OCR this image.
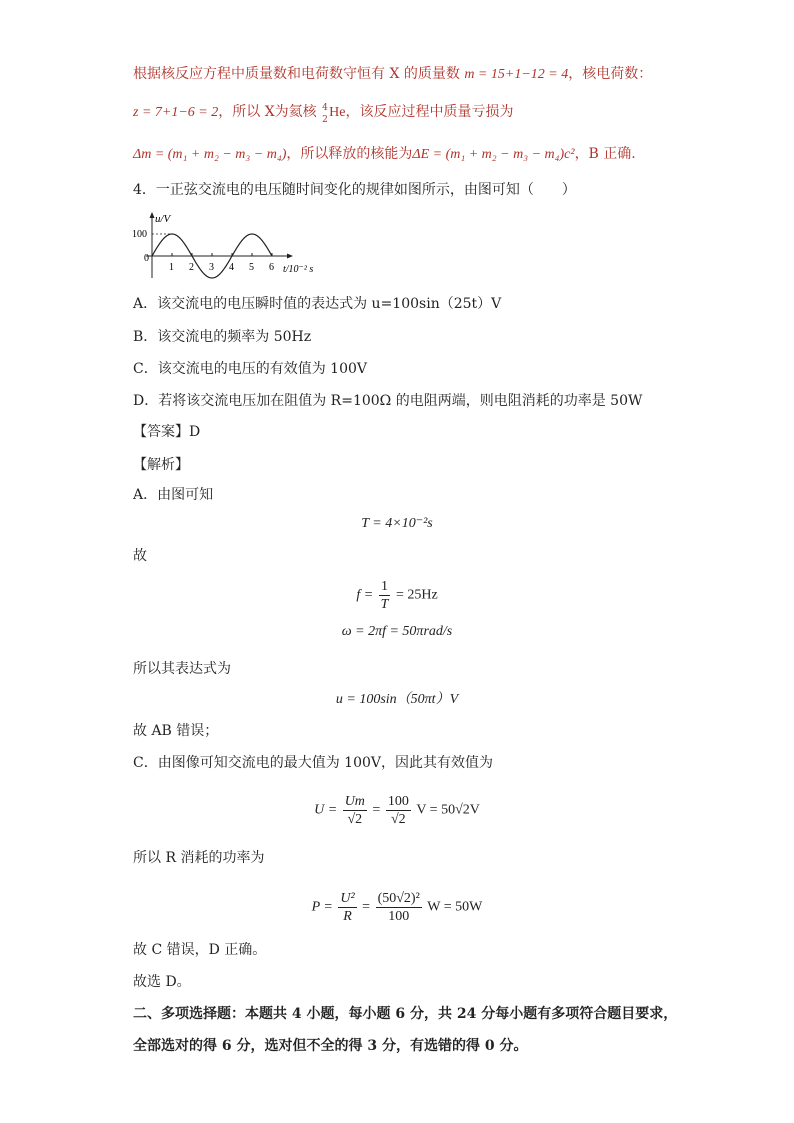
根据核反应方程中质量数和电荷数守恒有 X 的质量数 m = 15+1−12 = 4，核电荷数：
z = 7+1−6 = 2，所以 X为氦核 4
2 He，该反应过程中质量亏损为
Δm = (m₁ + m₂ − m₃ − m₄)，所以释放的核能为ΔE = (m₁ + m₂ − m₃ − m₄)c²，B 正确.
4．一正弦交流电的电压随时间变化的规律如图所示，由图可知（　　）
u/V
100
0
1 2 3 4 5 6 t/10⁻² s
A．该交流电的电压瞬时值的表达式为 u=100sin（25t）V
B．该交流电的频率为 50Hz
C．该交流电的电压的有效值为 100V
D．若将该交流电压加在阻值为 R=100Ω 的电阻两端，则电阻消耗的功率是 50W
【答案】D
【解析】
A．由图可知
T = 4×10⁻²s
故
$f = \frac{1}{T} = 25Hz$
ω = 2πf = 50πrad/s
所以其表达式为
u = 100sin（50πt）V
故 AB 错误；
C．由图像可知交流电的最大值为 100V，因此其有效值为
$U = \frac{Um}{√2} = \frac{100}{√2}$ V = 50√2V
所以 R 消耗的功率为
$P = \frac{\text{U²}}{R} = \frac{\text{(50√2)²}}{100}$ W = 50W
故 C 错误，D 正确。
故选 D。
二、多项选择题：本题共 4 小题，每小题 6 分，共 24 分每小题有多项符合题目要求，
全部选对的得 6 分，选对但不全的得 3 分，有选错的得 0 分。
